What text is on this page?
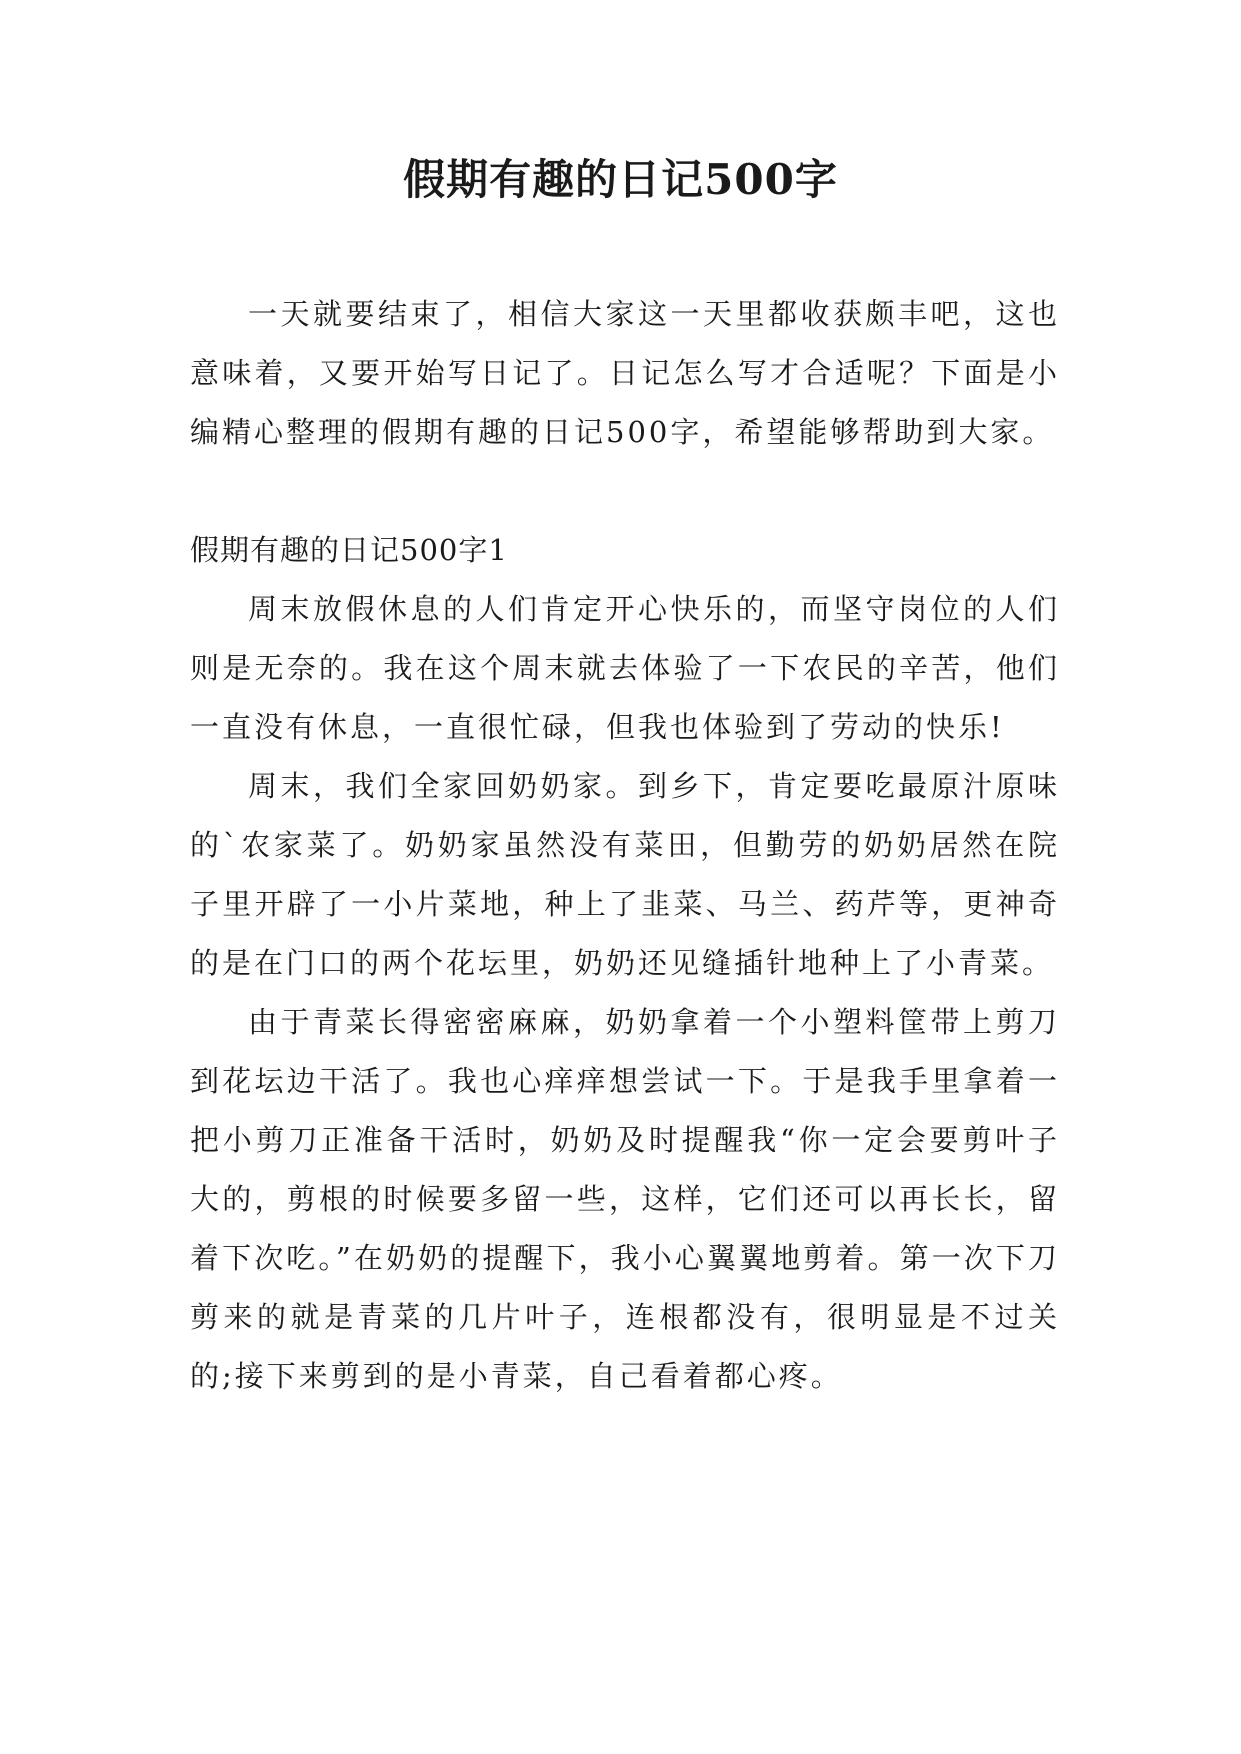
假期有趣的日记500字

一天就要结束了，相信大家这一天里都收获颇丰吧，这也意味着，又要开始写日记了。日记怎么写才合适呢？下面是小编精心整理的假期有趣的日记500字，希望能够帮助到大家。

假期有趣的日记500字1

周末放假休息的人们肯定开心快乐的，而坚守岗位的人们则是无奈的。我在这个周末就去体验了一下农民的辛苦，他们一直没有休息，一直很忙碌，但我也体验到了劳动的快乐!

周末，我们全家回奶奶家。到乡下，肯定要吃最原汁原味的`农家菜了。奶奶家虽然没有菜田，但勤劳的奶奶居然在院子里开辟了一小片菜地，种上了韭菜、马兰、药芹等，更神奇的是在门口的两个花坛里，奶奶还见缝插针地种上了小青菜。

由于青菜长得密密麻麻，奶奶拿着一个小塑料筐带上剪刀到花坛边干活了。我也心痒痒想尝试一下。于是我手里拿着一把小剪刀正准备干活时，奶奶及时提醒我“你一定会要剪叶子大的，剪根的时候要多留一些，这样，它们还可以再长长，留着下次吃。”在奶奶的提醒下，我小心翼翼地剪着。第一次下刀剪来的就是青菜的几片叶子，连根都没有，很明显是不过关的;接下来剪到的是小青菜，自己看着都心疼。
